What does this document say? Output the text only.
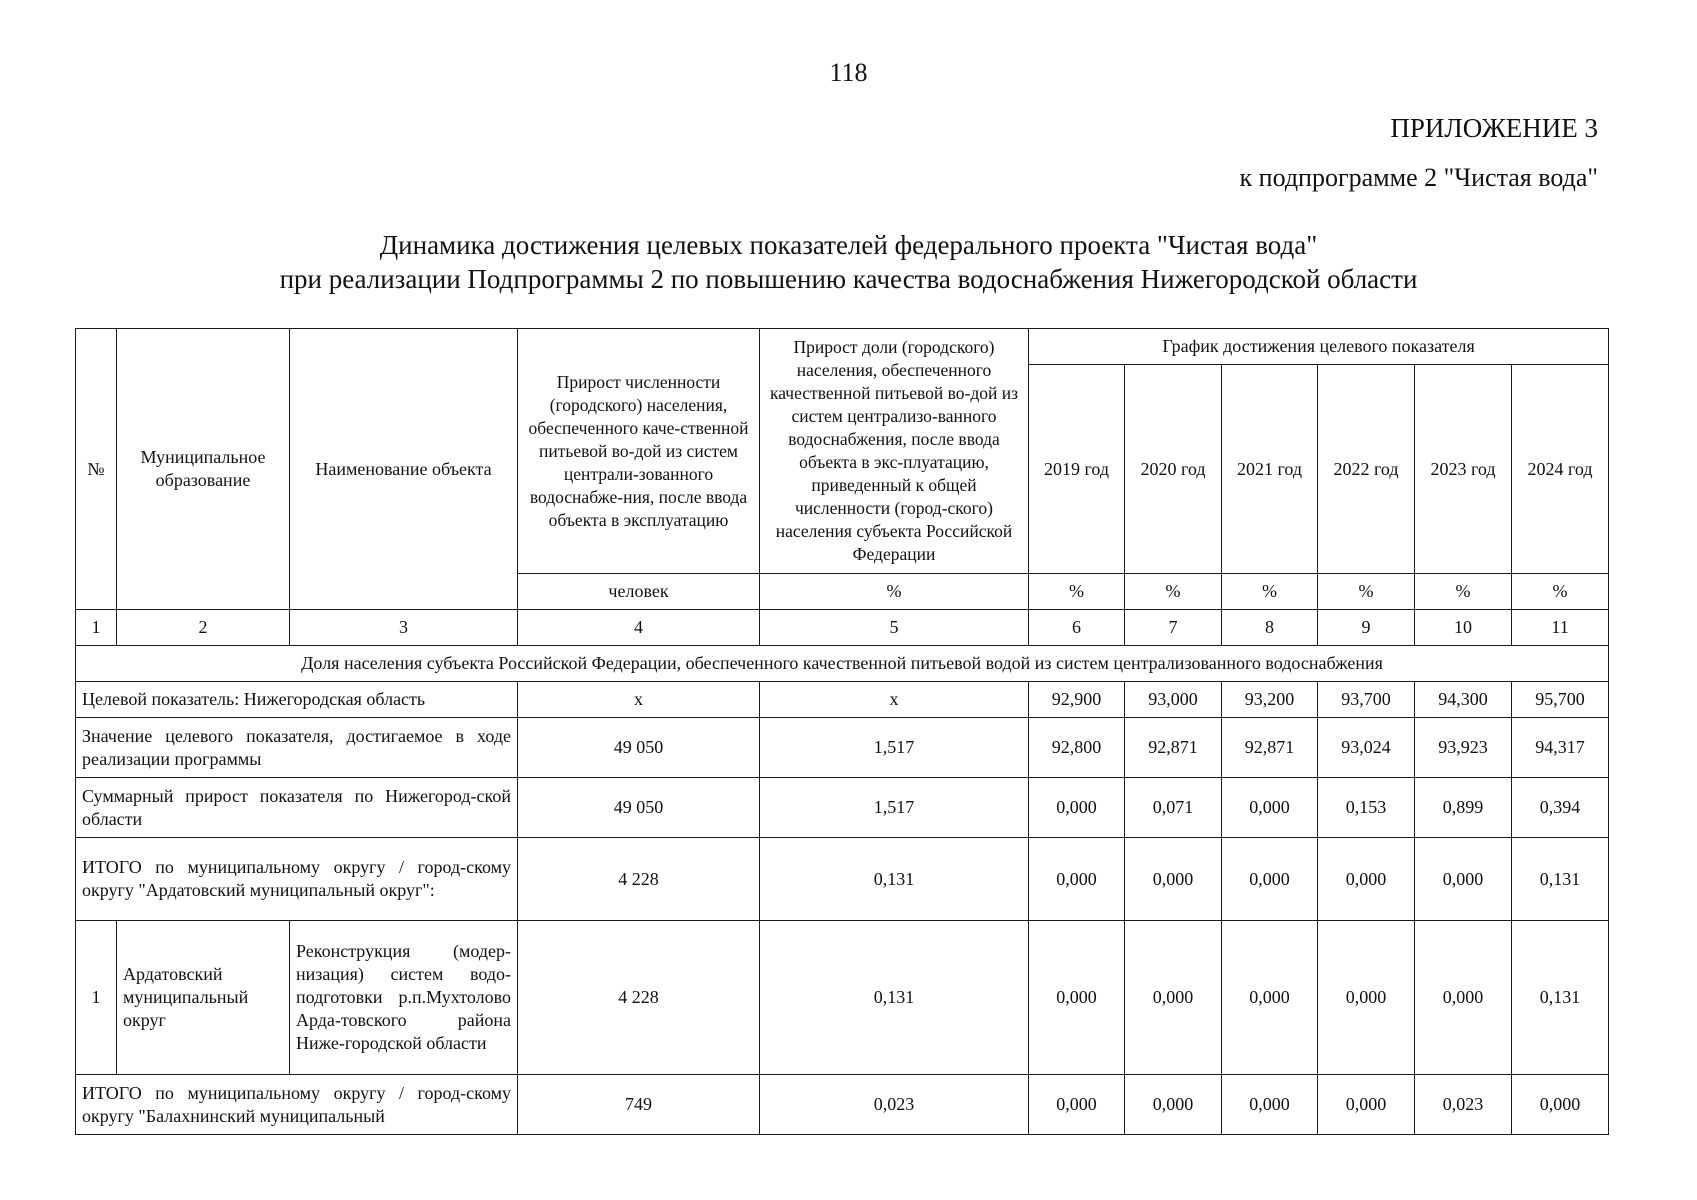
118
ПРИЛОЖЕНИЕ 3
к подпрограмме 2 "Чистая вода"
Динамика достижения целевых показателей федерального проекта "Чистая вода"
при реализации Подпрограммы 2 по повышению качества водоснабжения Нижегородской области
№	Муниципальное образование	Наименование объекта	Прирост численности (городского) населения, обеспеченного каче-ственной питьевой во-дой из систем централи-зованного водоснабже-ния, после ввода объекта в эксплуатацию	Прирост доли (городского) населения, обеспеченного качественной питьевой во-дой из систем централизо-ванного водоснабжения, после ввода объекта в экс-плуатацию, приведенный к общей численности (город-ского) населения субъекта Российской Федерации	График достижения целевого показателя					
					2019 год	2020 год	2021 год	2022 год	2023 год	2024 год
			человек	%	%	%	%	%	%	%
1	2	3	4	5	6	7	8	9	10	11
Доля населения субъекта Российской Федерации, обеспеченного качественной питьевой водой из систем централизованного водоснабжения										
Целевой показатель: Нижегородская область			x	x	92,900	93,000	93,200	93,700	94,300	95,700
Значение целевого показателя, достигаемое в ходе реализации программы			49 050	1,517	92,800	92,871	92,871	93,024	93,923	94,317
Суммарный прирост показателя по Нижегород-ской области			49 050	1,517	0,000	0,071	0,000	0,153	0,899	0,394
ИТОГО по муниципальному округу / город-скому округу "Ардатовский муниципальный округ":			4 228	0,131	0,000	0,000	0,000	0,000	0,000	0,131
1	Ардатовский муниципальный округ	Реконструкция (модер-низация) систем водо-подготовки р.п.Мухтолово Арда-товского района Ниже-городской области	4 228	0,131	0,000	0,000	0,000	0,000	0,000	0,131
ИТОГО по муниципальному округу / город-скому округу "Балахнинский муниципальный			749	0,023	0,000	0,000	0,000	0,000	0,023	0,000
